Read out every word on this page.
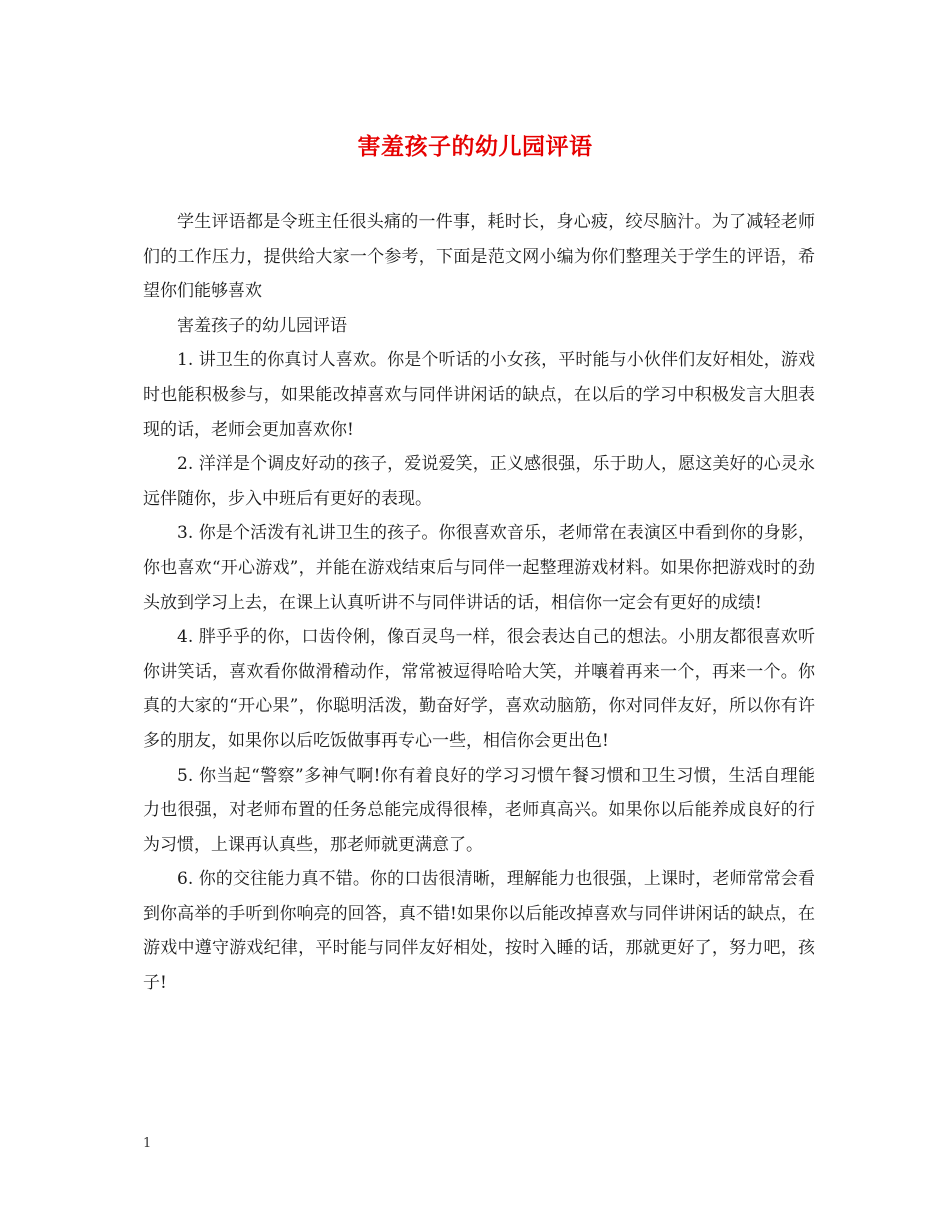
害羞孩子的幼儿园评语

学生评语都是令班主任很头痛的一件事，耗时长，身心疲，绞尽脑汁。为了减轻老师们的工作压力，提供给大家一个参考，下面是范文网小编为你们整理关于学生的评语，希望你们能够喜欢

害羞孩子的幼儿园评语

1. 讲卫生的你真讨人喜欢。你是个听话的小女孩，平时能与小伙伴们友好相处，游戏时也能积极参与，如果能改掉喜欢与同伴讲闲话的缺点，在以后的学习中积极发言大胆表现的话，老师会更加喜欢你!

2. 洋洋是个调皮好动的孩子，爱说爱笑，正义感很强，乐于助人，愿这美好的心灵永远伴随你，步入中班后有更好的表现。

3. 你是个活泼有礼讲卫生的孩子。你很喜欢音乐，老师常在表演区中看到你的身影，你也喜欢“开心游戏”，并能在游戏结束后与同伴一起整理游戏材料。如果你把游戏时的劲头放到学习上去，在课上认真听讲不与同伴讲话的话，相信你一定会有更好的成绩!

4. 胖乎乎的你，口齿伶俐，像百灵鸟一样，很会表达自己的想法。小朋友都很喜欢听你讲笑话，喜欢看你做滑稽动作，常常被逗得哈哈大笑，并嚷着再来一个，再来一个。你真的大家的“开心果”，你聪明活泼，勤奋好学，喜欢动脑筋，你对同伴友好，所以你有许多的朋友，如果你以后吃饭做事再专心一些，相信你会更出色!

5. 你当起“警察”多神气啊!你有着良好的学习习惯午餐习惯和卫生习惯，生活自理能力也很强，对老师布置的任务总能完成得很棒，老师真高兴。如果你以后能养成良好的行为习惯，上课再认真些，那老师就更满意了。

6. 你的交往能力真不错。你的口齿很清晰，理解能力也很强，上课时，老师常常会看到你高举的手听到你响亮的回答，真不错!如果你以后能改掉喜欢与同伴讲闲话的缺点，在游戏中遵守游戏纪律，平时能与同伴友好相处，按时入睡的话，那就更好了，努力吧，孩子!

1
